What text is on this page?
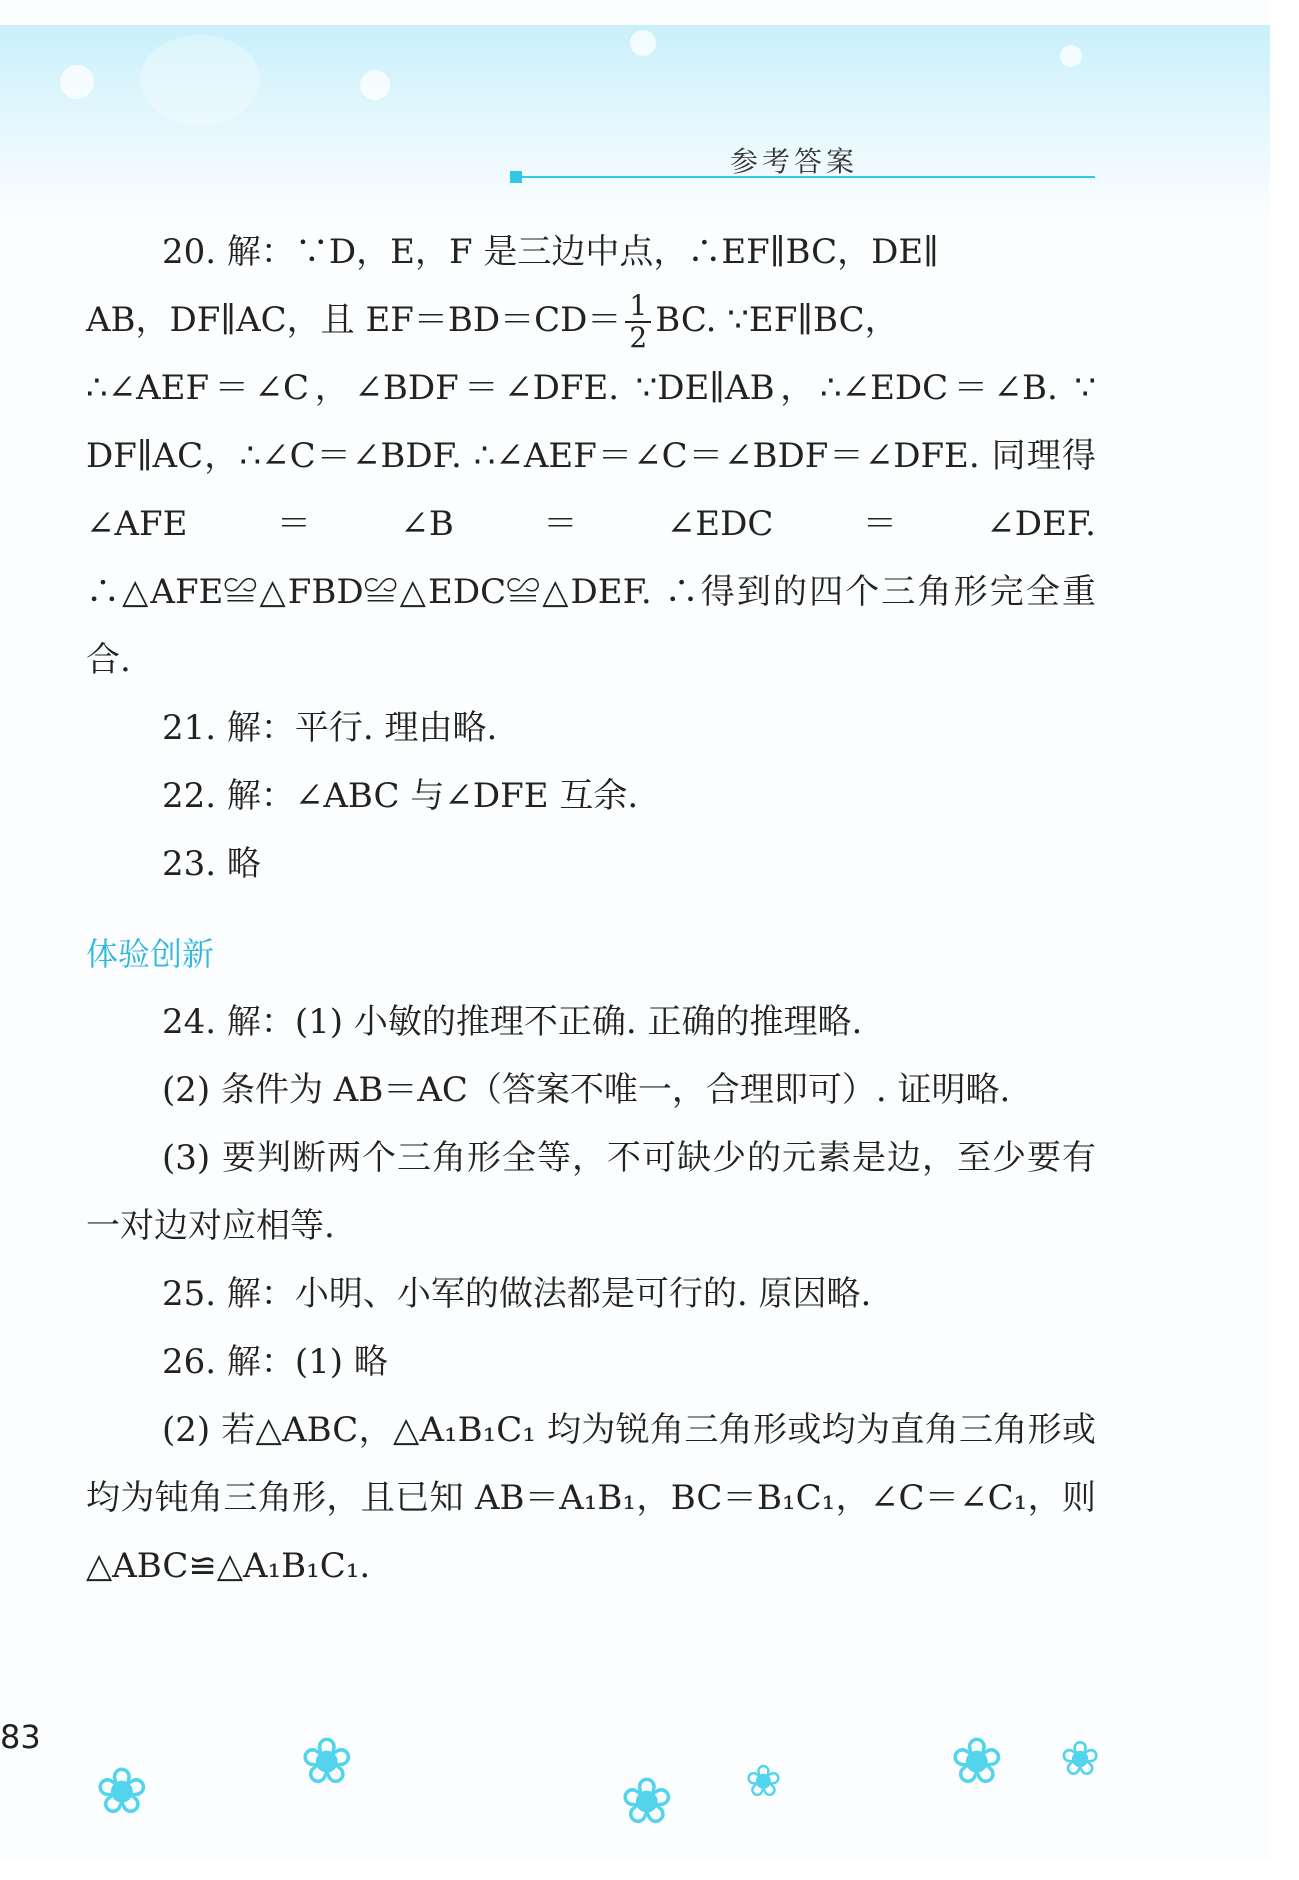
参考答案

20. 解：∵D，E，F 是三边中点，∴EF∥BC，DE∥

AB，DF∥AC，且 $EF=BD=CD= \frac{1}{2}$ BC. ∵EF∥BC，

∴∠AEF＝∠C，∠BDF＝∠DFE. ∵DE∥AB，∴∠EDC＝∠B. ∵ DF∥AC，∴∠C＝∠BDF. ∴∠AEF＝∠C＝∠BDF＝∠DFE. 同理得∠AFE＝∠B＝∠EDC＝∠DEF. ∴△AFE≌△FBD≌△EDC≌△DEF. ∴得到的四个三角形完全重合.

21. 解：平行. 理由略.

22. 解：∠ABC 与∠DFE 互余.

23. 略

体验创新

24. 解：(1) 小敏的推理不正确. 正确的推理略.

(2) 条件为 AB＝AC（答案不唯一，合理即可）. 证明略.

(3) 要判断两个三角形全等，不可缺少的元素是边，至少要有一对边对应相等.

25. 解：小明、小军的做法都是可行的. 原因略.

26. 解：(1) 略

(2) 若△ABC，△A₁B₁C₁ 均为锐角三角形或均为直角三角形或均为钝角三角形，且已知 AB＝A₁B₁，BC＝B₁C₁，∠C＝∠C₁，则△ABC≌△A₁B₁C₁.

83
❀ ❀
❀ ❀	❀ ❀
